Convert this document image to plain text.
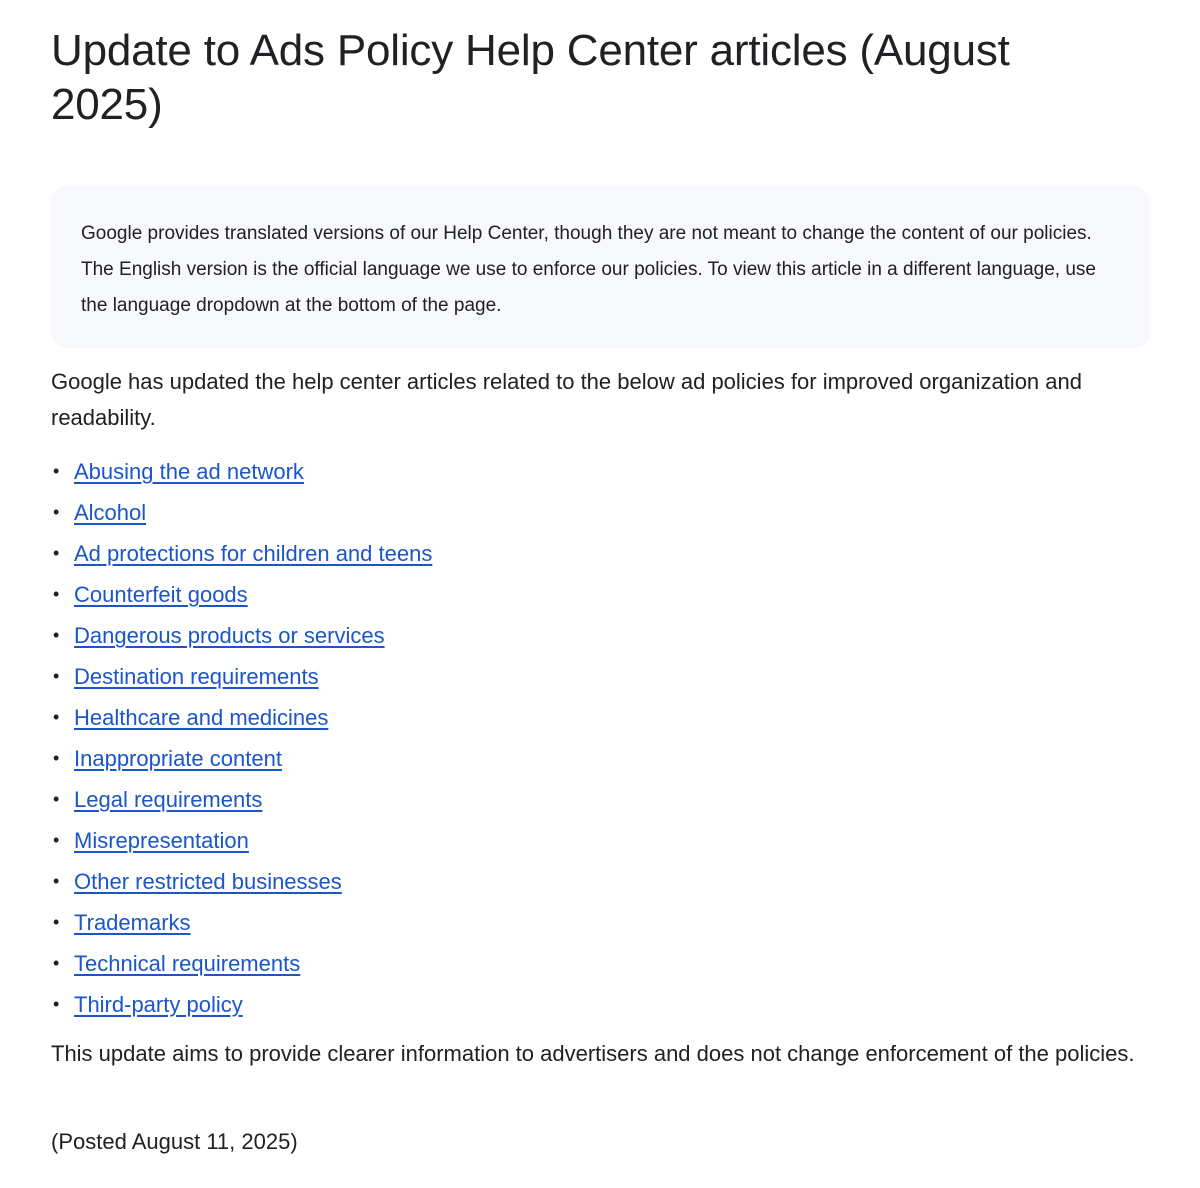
Update to Ads Policy Help Center articles (August 2025)
Google provides translated versions of our Help Center, though they are not meant to change the content of our policies. The English version is the official language we use to enforce our policies. To view this article in a different language, use the language dropdown at the bottom of the page.

Google has updated the help center articles related to the below ad policies for improved organization and readability.

• Abusing the ad network
• Alcohol
• Ad protections for children and teens
• Counterfeit goods
• Dangerous products or services
• Destination requirements
• Healthcare and medicines
• Inappropriate content
• Legal requirements
• Misrepresentation
• Other restricted businesses
• Trademarks
• Technical requirements
• Third-party policy

This update aims to provide clearer information to advertisers and does not change enforcement of the policies.

(Posted August 11, 2025)
